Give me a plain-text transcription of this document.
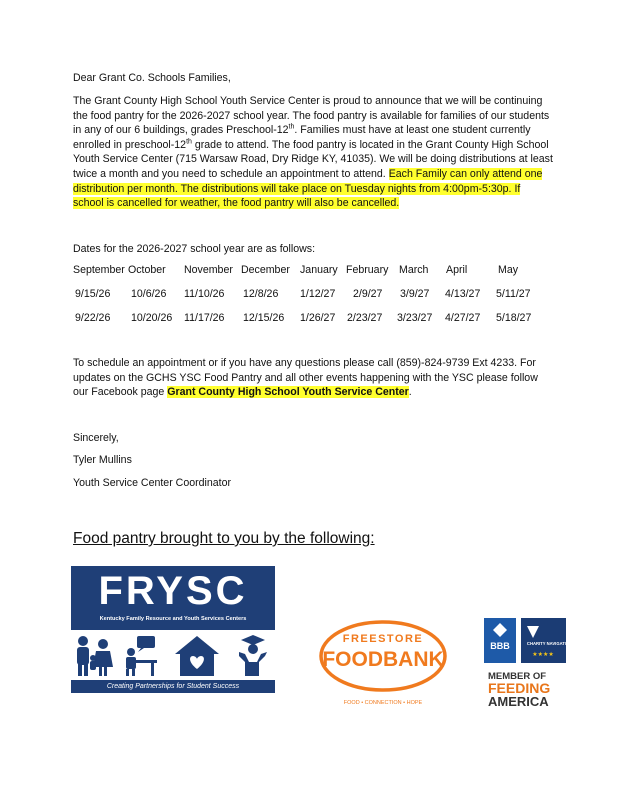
Dear Grant Co. Schools Families,
The Grant County High School Youth Service Center is proud to announce that we will be continuing the food pantry for the 2026-2027 school year. The food pantry is available for families of our students in any of our 6 buildings, grades Preschool-12th. Families must have at least one student currently enrolled in preschool-12th grade to attend. The food pantry is located in the Grant County High School Youth Service Center (715 Warsaw Road, Dry Ridge KY, 41035). We will be doing distributions at least twice a month and you need to schedule an appointment to attend. Each Family can only attend one distribution per month. The distributions will take place on Tuesday nights from 4:00pm-5:30p. If school is cancelled for weather, the food pantry will also be cancelled.
Dates for the 2026-2027 school year are as follows:
September October November December January February March April	May
9/15/26 10/6/26 11/10/26 12/8/26 1/12/27 2/9/27 3/9/27 4/13/27 5/11/27
9/22/26 10/20/26 11/17/26 12/15/26 1/26/27 2/23/27 3/23/27 4/27/27 5/18/27
To schedule an appointment or if you have any questions please call (859)-824-9739 Ext 4233. For updates on the GCHS YSC Food Pantry and all other events happening with the YSC please follow our Facebook page Grant County High School Youth Service Center.
Sincerely,
Tyler Mullins
Youth Service Center Coordinator
Food pantry brought to you by the following:
FRYSC
Kentucky Family Resource and Youth Services Centers
Creating Partnerships for Student Success
FREESTORE
FOODBANK
FOOD • CONNECTION • HOPE
BBB	CHARITY NAVIGATOR
★★★★
MEMBER OF
FEEDING
AMERICA
